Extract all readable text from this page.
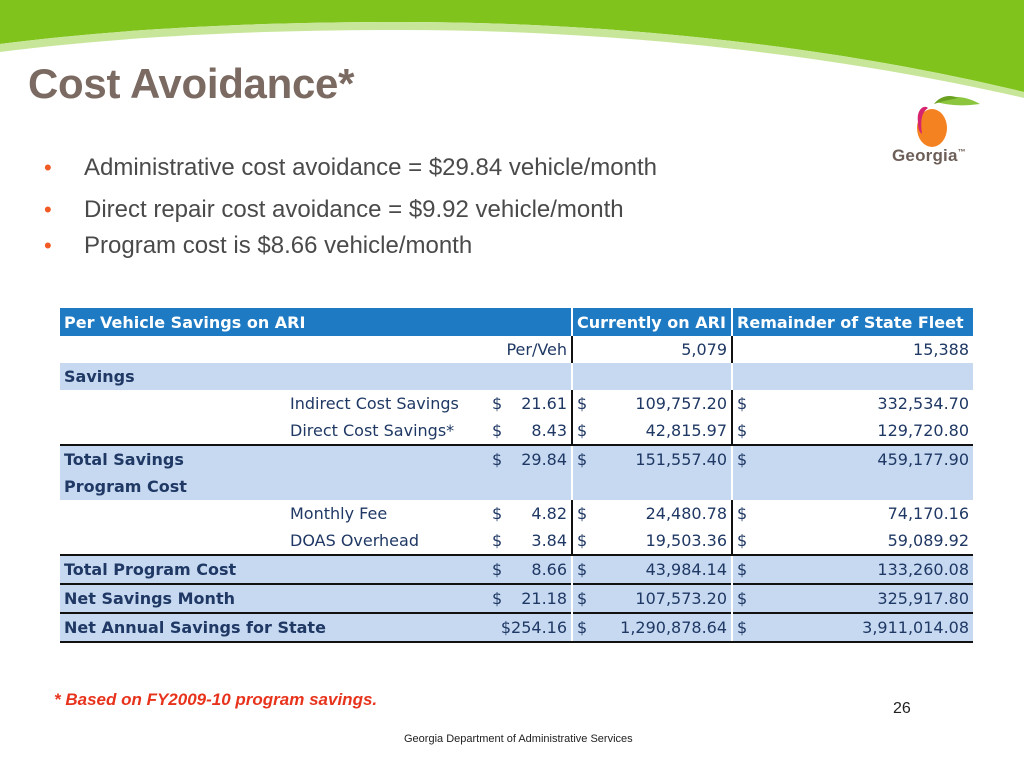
Cost Avoidance*
Georgia™
• Administrative cost avoidance = $29.84 vehicle/month
• Direct repair cost avoidance = $9.92 vehicle/month
• Program cost is $8.66 vehicle/month
Per Vehicle Savings on ARI		Currently on ARI	Remainder of State Fleet
	Per/Veh	5,079	15,388
Savings			
Indirect Cost Savings	$ 21.61	$ 109,757.20	$ 332,534.70
Direct Cost Savings*	$ 8.43	$ 42,815.97	$ 129,720.80
Total Savings	$ 29.84	$ 151,557.40	$ 459,177.90
Program Cost			
Monthly Fee	$ 4.82	$ 24,480.78	$ 74,170.16
DOAS Overhead	$ 3.84	$ 19,503.36	$ 59,089.92
Total Program Cost	$ 8.66	$ 43,984.14	$ 133,260.08
Net Savings Month	$ 21.18	$ 107,573.20	$ 325,917.80
Net Annual Savings for State	$254.16	$ 1,290,878.64	$ 3,911,014.08
* Based on FY2009-10 program savings.	26
Georgia Department of Administrative Services
